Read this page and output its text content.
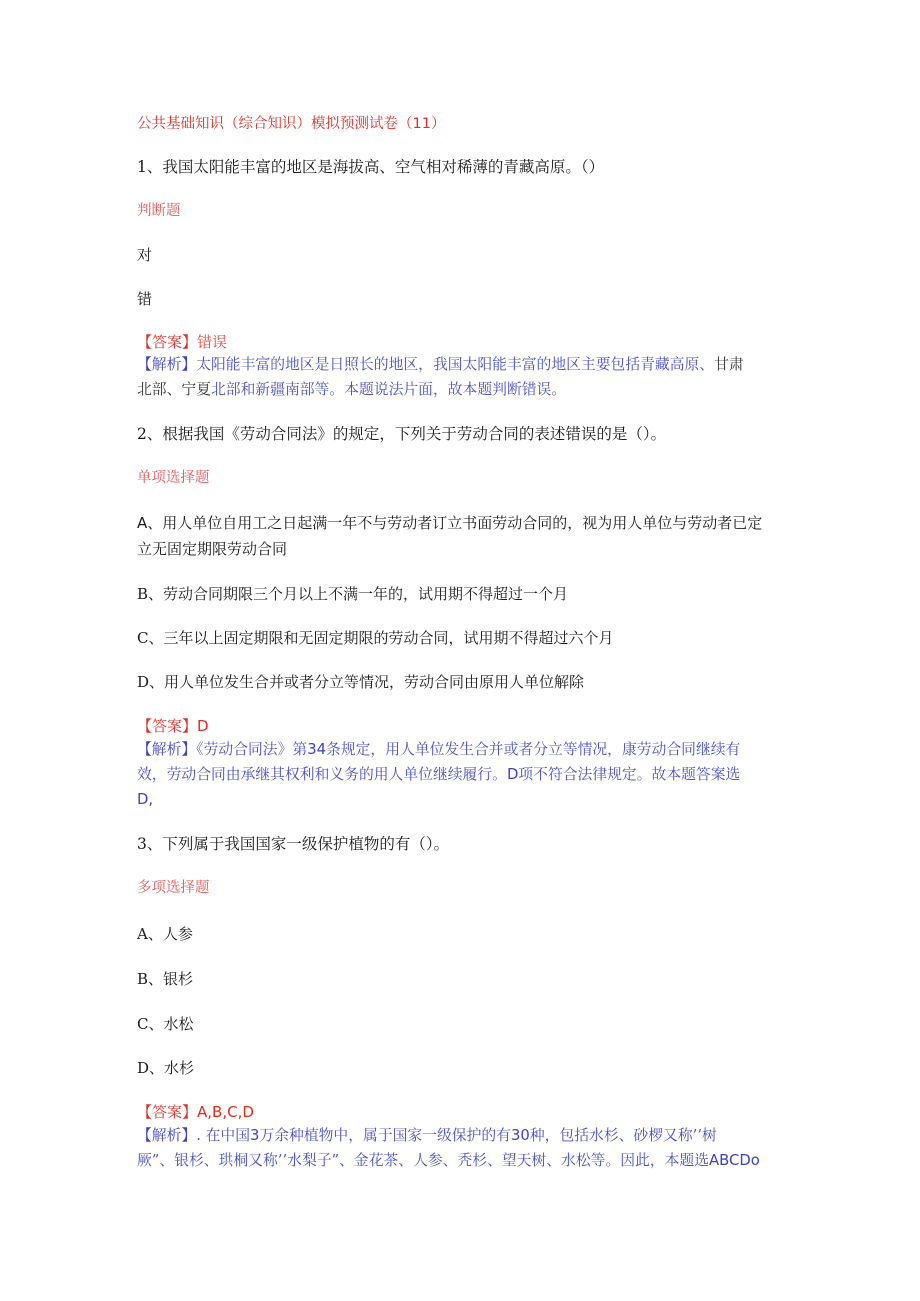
公共基础知识（综合知识）模拟预测试卷（11）
1、我国太阳能丰富的地区是海拔高、空气相对稀薄的青藏高原。（）
判断题
对
错
【答案】错误
【解析】太阳能丰富的地区是日照长的地区，我国太阳能丰富的地区主要包括青藏高原、甘肃
北部、宁夏北部和新疆南部等。本题说法片面，故本题判断错误。
2、根据我国《劳动合同法》的规定，下列关于劳动合同的表述错误的是（）。
单项选择题
A、用人单位自用工之日起满一年不与劳动者订立书面劳动合同的，视为用人单位与劳动者已定
立无固定期限劳动合同
B、劳动合同期限三个月以上不满一年的，试用期不得超过一个月
C、三年以上固定期限和无固定期限的劳动合同，试用期不得超过六个月
D、用人单位发生合并或者分立等情况，劳动合同由原用人单位解除
【答案】D
【解析】《劳动合同法》第34条规定，用人单位发生合并或者分立等情况，康劳动合同继续有
效，劳动合同由承继其权利和义务的用人单位继续履行。D项不符合法律规定。故本题答案选
D,
3、下列属于我国国家一级保护植物的有（）。
多项选择题
A、人参
B、银杉
C、水松
D、水杉
【答案】A,B,C,D
【解析】. 在中国3万余种植物中，属于国家一级保护的有30种，包括水杉、砂椤又称’’树
厥”、银杉、珙桐又称’’水梨子”、金花茶、人参、秃杉、望天树、水松等。因此，本题选ABCDo
